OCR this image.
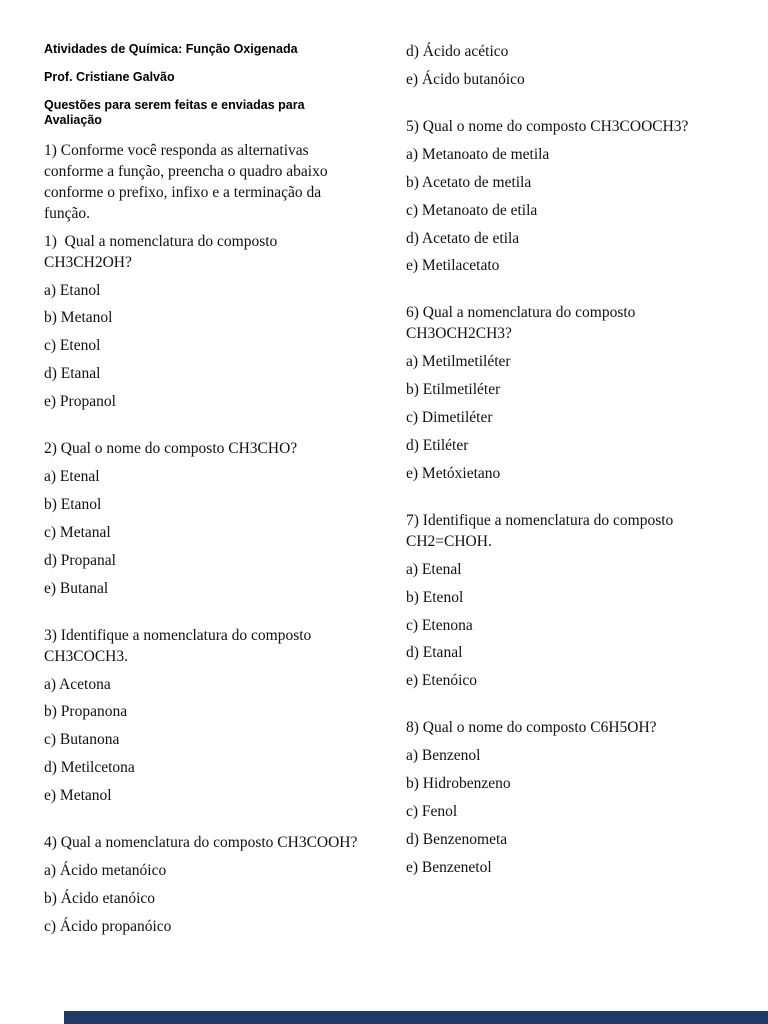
Atividades de Química: Função Oxigenada

Prof. Cristiane Galvão

Questões para serem feitas e enviadas para Avaliação

1) Conforme você responda as alternativas conforme a função, preencha o quadro abaixo conforme o prefixo, infixo e a terminação da função.

1)  Qual a nomenclatura do composto CH3CH2OH?

a) Etanol

b) Metanol

c) Etenol

d) Etanal

e) Propanol

2) Qual o nome do composto CH3CHO?

a) Etenal

b) Etanol

c) Metanal

d) Propanal

e) Butanal

3) Identifique a nomenclatura do composto CH3COCH3.

a) Acetona

b) Propanona

c) Butanona

d) Metilcetona

e) Metanol

4) Qual a nomenclatura do composto CH3COOH?

a) Ácido metanóico

b) Ácido etanóico

c) Ácido propanóico

d) Ácido acético

e) Ácido butanóico

5) Qual o nome do composto CH3COOCH3?

a) Metanoato de metila

b) Acetato de metila

c) Metanoato de etila

d) Acetato de etila

e) Metilacetato

6) Qual a nomenclatura do composto CH3OCH2CH3?

a) Metilmetiléter

b) Etilmetiléter

c) Dimetiléter

d) Etiléter

e) Metóxietano

7) Identifique a nomenclatura do composto CH2=CHOH.

a) Etenal

b) Etenol

c) Etenona

d) Etanal

e) Etenóico

8) Qual o nome do composto C6H5OH?

a) Benzenol

b) Hidrobenzeno

c) Fenol

d) Benzenometa

e) Benzenetol
